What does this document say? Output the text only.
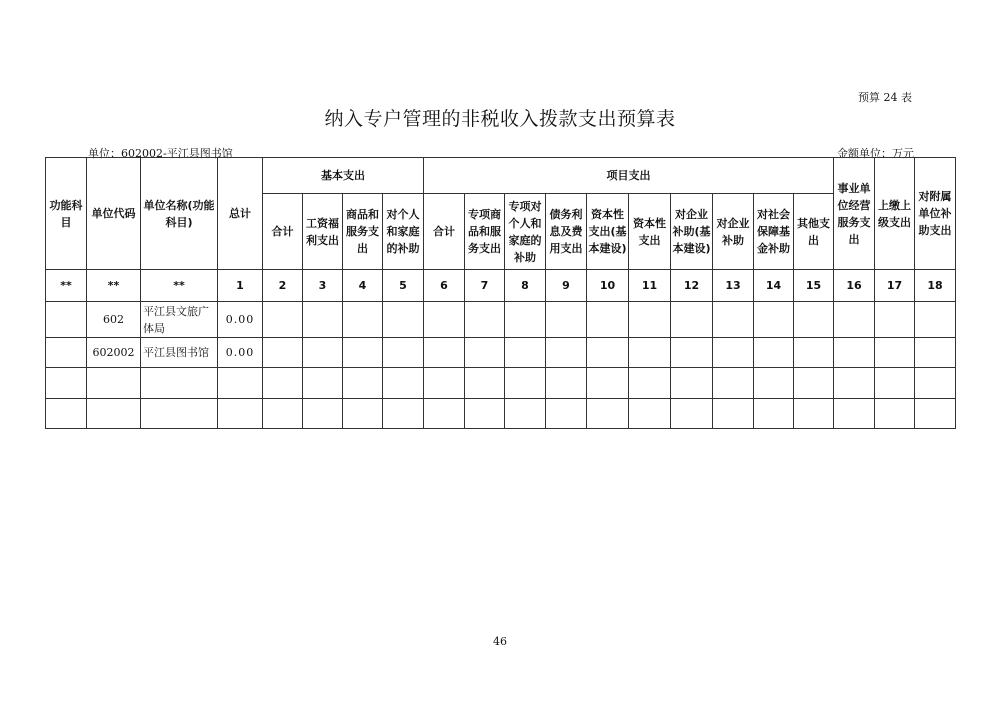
预算 24 表
纳入专户管理的非税收入拨款支出预算表
单位：602002-平江县图书馆	金额单位：万元
功能科目	单位代码	单位名称(功能科目)	总计	基本支出				项目支出										事业单位经营服务支出	上缴上级支出	对附属单位补助支出
				合计	工资福利支出	商品和服务支出	对个人和家庭的补助	合计	专项商品和服务支出	专项对个人和家庭的补助	债务利息及费用支出	资本性支出(基本建设)	资本性支出	对企业补助(基本建设)	对企业补助	对社会保障基金补助	其他支出			
**	**	**	1	2	3	4	5	6	7	8	9	10	11	12	13	14	15	16	17	18
	602	平江县文旅广体局	0.00																	
	602002	平江县图书馆	0.00																	

46
